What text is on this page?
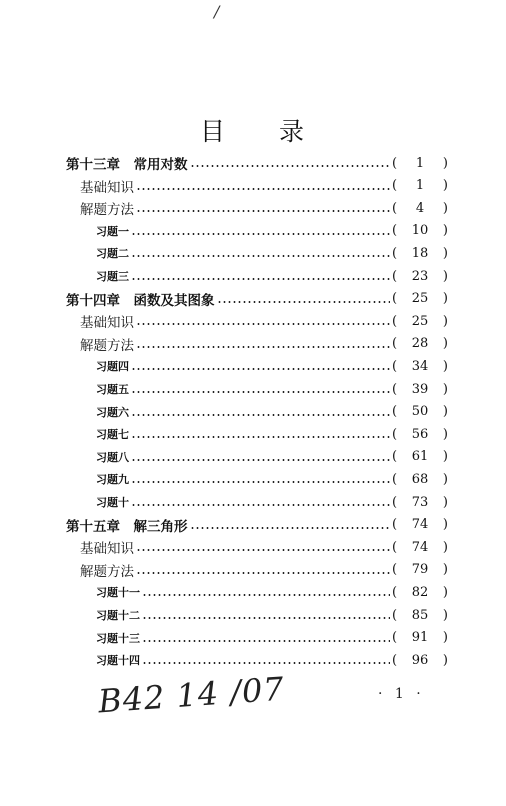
/
目 录
第十三章　常用对数	(	1	)
基础知识	(	1	)
解题方法	(	4	)
习题一	(	10	)
习题二	(	18	)
习题三	(	23	)
第十四章　函数及其图象	(	25	)
基础知识	(	25	)
解题方法	(	28	)
习题四	(	34	)
习题五	(	39	)
习题六	(	50	)
习题七	(	56	)
习题八	(	61	)
习题九	(	68	)
习题十	(	73	)
第十五章　解三角形	(	74	)
基础知识	(	74	)
解题方法	(	79	)
习题十一	(	82	)
习题十二	(	85	)
习题十三	(	91	)
习题十四	(	96	)
B42 14 /07	· 1 ·
